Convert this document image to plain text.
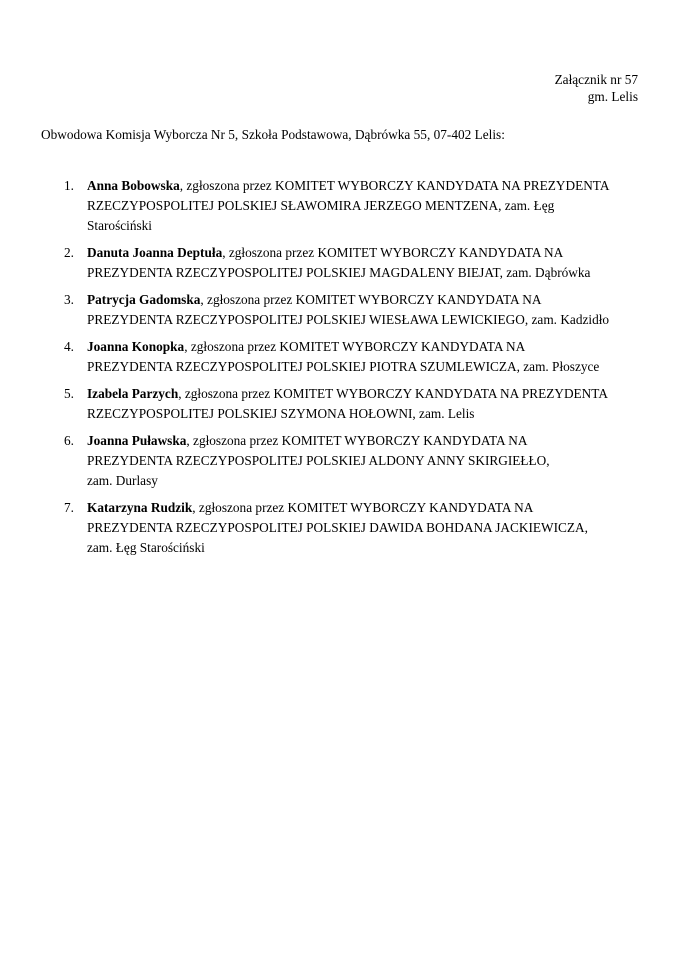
Załącznik nr 57
gm. Lelis
Obwodowa Komisja Wyborcza Nr 5, Szkoła Podstawowa, Dąbrówka 55, 07-402 Lelis:
1. Anna Bobowska, zgłoszona przez KOMITET WYBORCZY KANDYDATA NA PREZYDENTA
RZECZYPOSPOLITEJ POLSKIEJ SŁAWOMIRA JERZEGO MENTZENA, zam. Łęg
Starościński
2. Danuta Joanna Deptuła, zgłoszona przez KOMITET WYBORCZY KANDYDATA NA
PREZYDENTA RZECZYPOSPOLITEJ POLSKIEJ MAGDALENY BIEJAT, zam. Dąbrówka
3. Patrycja Gadomska, zgłoszona przez KOMITET WYBORCZY KANDYDATA NA
PREZYDENTA RZECZYPOSPOLITEJ POLSKIEJ WIESŁAWA LEWICKIEGO, zam. Kadzidło
4. Joanna Konopka, zgłoszona przez KOMITET WYBORCZY KANDYDATA NA
PREZYDENTA RZECZYPOSPOLITEJ POLSKIEJ PIOTRA SZUMLEWICZA, zam. Płoszyce
5. Izabela Parzych, zgłoszona przez KOMITET WYBORCZY KANDYDATA NA PREZYDENTA
RZECZYPOSPOLITEJ POLSKIEJ SZYMONA HOŁOWNI, zam. Lelis
6. Joanna Puławska, zgłoszona przez KOMITET WYBORCZY KANDYDATA NA
PREZYDENTA RZECZYPOSPOLITEJ POLSKIEJ ALDONY ANNY SKIRGIEŁŁO,
zam. Durlasy
7. Katarzyna Rudzik, zgłoszona przez KOMITET WYBORCZY KANDYDATA NA
PREZYDENTA RZECZYPOSPOLITEJ POLSKIEJ DAWIDA BOHDANA JACKIEWICZA,
zam. Łęg Starościński
